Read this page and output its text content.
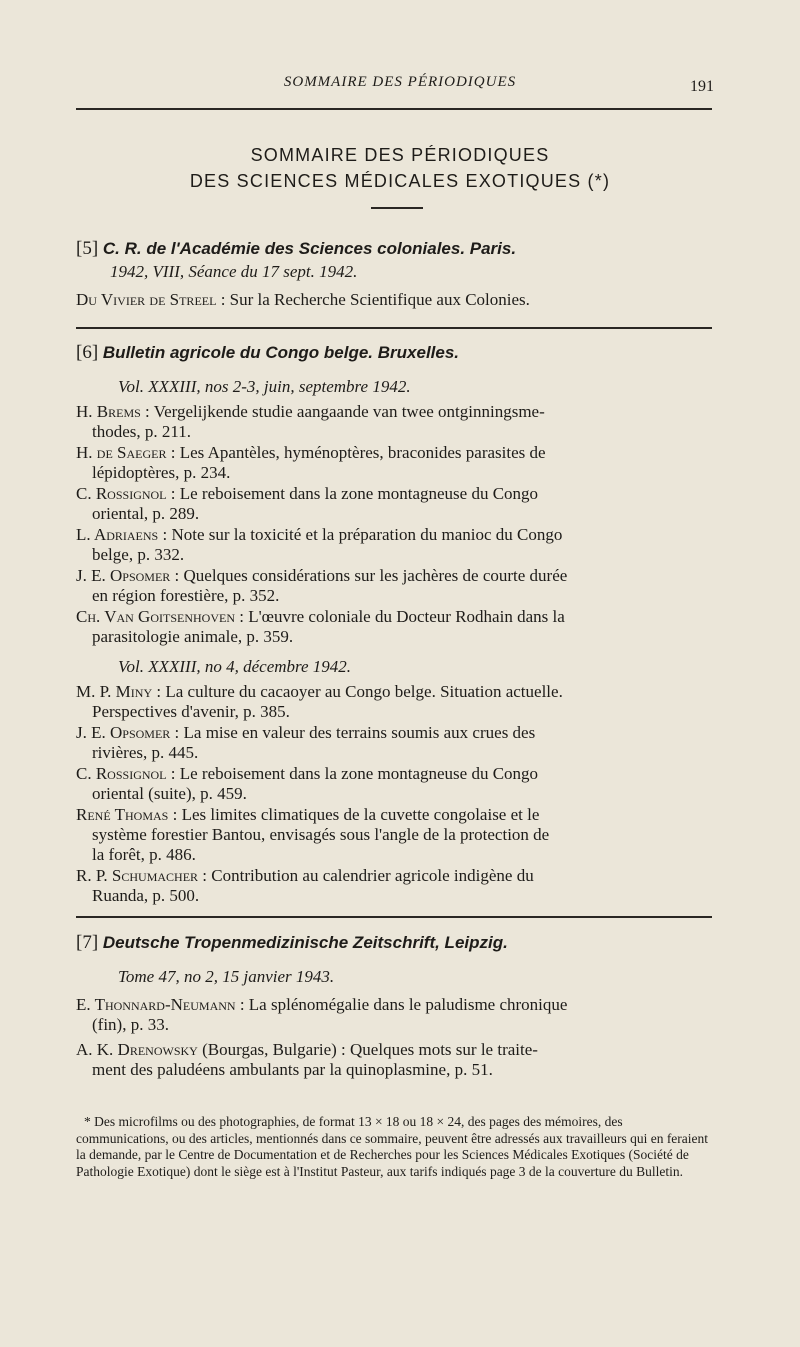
SOMMAIRE DES PÉRIODIQUES	191
SOMMAIRE DES PÉRIODIQUES
DES SCIENCES MÉDICALES EXOTIQUES (*)
[5] C. R. de l'Académie des Sciences coloniales. Paris.
1942, VIII, Séance du 17 sept. 1942.
Du Vivier de Streel : Sur la Recherche Scientifique aux Colonies.
[6] Bulletin agricole du Congo belge. Bruxelles.
Vol. XXXIII, nos 2-3, juin, septembre 1942.
H. Brems : Vergelijkende studie aangaande van twee ontginningsme-
thodes, p. 211.
H. de Saeger : Les Apantèles, hyménoptères, braconides parasites de
lépidoptères, p. 234.
C. Rossignol : Le reboisement dans la zone montagneuse du Congo
oriental, p. 289.
L. Adriaens : Note sur la toxicité et la préparation du manioc du Congo
belge, p. 332.
J. E. Opsomer : Quelques considérations sur les jachères de courte durée
en région forestière, p. 352.
Ch. Van Goitsenhoven : L'œuvre coloniale du Docteur Rodhain dans la
parasitologie animale, p. 359.
Vol. XXXIII, no 4, décembre 1942.
M. P. Miny : La culture du cacaoyer au Congo belge. Situation actuelle.
Perspectives d'avenir, p. 385.
J. E. Opsomer : La mise en valeur des terrains soumis aux crues des
rivières, p. 445.
C. Rossignol : Le reboisement dans la zone montagneuse du Congo
oriental (suite), p. 459.
René Thomas : Les limites climatiques de la cuvette congolaise et le
système forestier Bantou, envisagés sous l'angle de la protection de
la forêt, p. 486.
R. P. Schumacher : Contribution au calendrier agricole indigène du
Ruanda, p. 500.
[7] Deutsche Tropenmedizinische Zeitschrift, Leipzig.
Tome 47, no 2, 15 janvier 1943.
E. Thonnard-Neumann : La splénomégalie dans le paludisme chronique
(fin), p. 33.
A. K. Drenowsky (Bourgas, Bulgarie) : Quelques mots sur le traite-
ment des paludéens ambulants par la quinoplasmine, p. 51.
* Des microfilms ou des photographies, de format 13 × 18 ou 18 × 24, des pages des mémoires, des communications, ou des articles, mentionnés dans ce sommaire, peuvent être adressés aux travailleurs qui en feraient la demande, par le Centre de Documentation et de Recherches pour les Sciences Médicales Exotiques (Société de Pathologie Exotique) dont le siège est à l'Institut Pasteur, aux tarifs indiqués page 3 de la couverture du Bulletin.
